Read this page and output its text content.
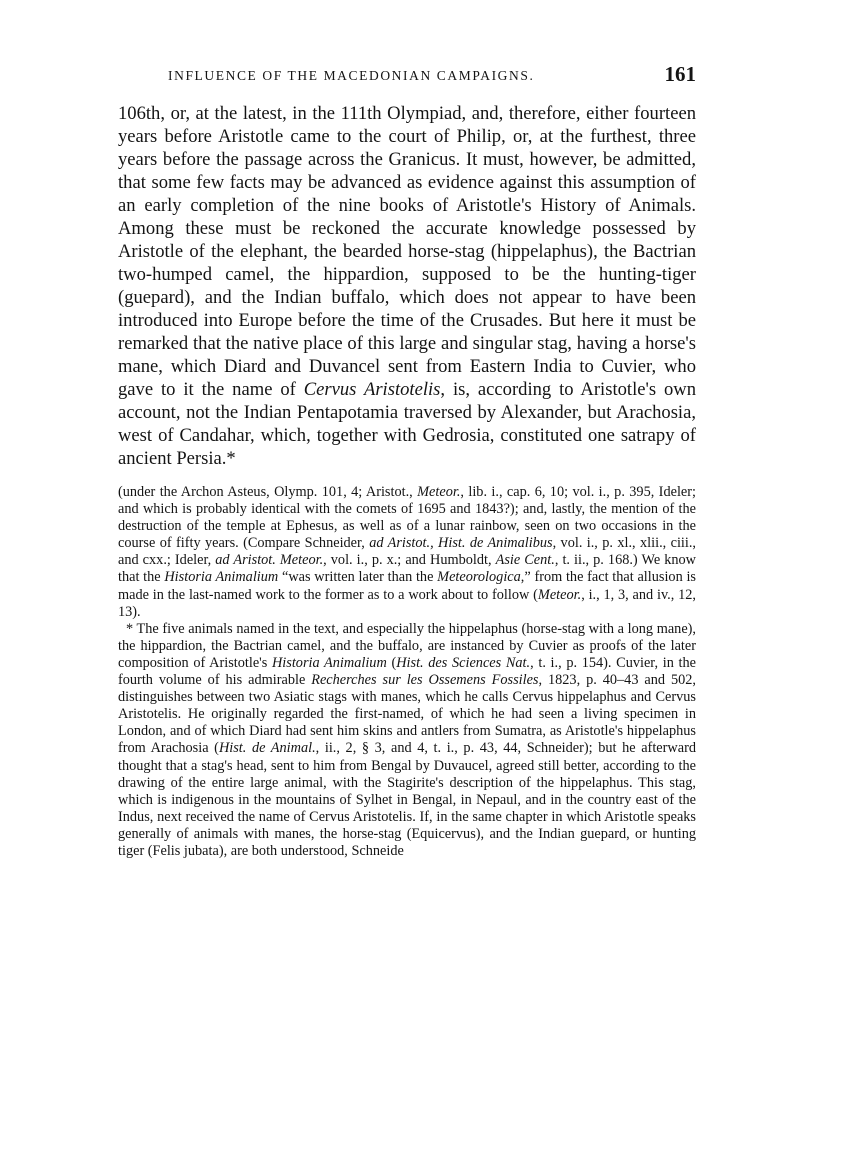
INFLUENCE OF THE MACEDONIAN CAMPAIGNS.	161

106th, or, at the latest, in the 111th Olympiad, and, therefore, either fourteen years before Aristotle came to the court of Philip, or, at the furthest, three years before the passage across the Granicus. It must, however, be admitted, that some few facts may be advanced as evidence against this assumption of an early completion of the nine books of Aristotle's History of Animals. Among these must be reckoned the accurate knowledge possessed by Aristotle of the elephant, the bearded horse-stag (hippelaphus), the Bactrian two-humped camel, the hippardion, supposed to be the hunting-tiger (guepard), and the Indian buffalo, which does not appear to have been introduced into Europe before the time of the Crusades. But here it must be remarked that the native place of this large and singular stag, having a horse's mane, which Diard and Duvancel sent from Eastern India to Cuvier, who gave to it the name of Cervus Aristotelis, is, according to Aristotle's own account, not the Indian Pentapotamia traversed by Alexander, but Arachosia, west of Candahar, which, together with Gedrosia, constituted one satrapy of ancient Persia.*

(under the Archon Asteus, Olymp. 101, 4; Aristot., Meteor., lib. i., cap. 6, 10; vol. i., p. 395, Ideler; and which is probably identical with the comets of 1695 and 1843?); and, lastly, the mention of the destruction of the temple at Ephesus, as well as of a lunar rainbow, seen on two occasions in the course of fifty years. (Compare Schneider, ad Aristot., Hist. de Animalibus, vol. i., p. xl., xlii., ciii., and cxx.; Ideler, ad Aristot. Meteor., vol. i., p. x.; and Humboldt, Asie Cent., t. ii., p. 168.) We know that the Historia Animalium “was written later than the Meteorologica,” from the fact that allusion is made in the last-named work to the former as to a work about to follow (Meteor., i., 1, 3, and iv., 12, 13).

* The five animals named in the text, and especially the hippelaphus (horse-stag with a long mane), the hippardion, the Bactrian camel, and the buffalo, are instanced by Cuvier as proofs of the later composition of Aristotle's Historia Animalium (Hist. des Sciences Nat., t. i., p. 154). Cuvier, in the fourth volume of his admirable Recherches sur les Ossemens Fossiles, 1823, p. 40–43 and 502, distinguishes between two Asiatic stags with manes, which he calls Cervus hippelaphus and Cervus Aristotelis. He originally regarded the first-named, of which he had seen a living specimen in London, and of which Diard had sent him skins and antlers from Sumatra, as Aristotle's hippelaphus from Arachosia (Hist. de Animal., ii., 2, § 3, and 4, t. i., p. 43, 44, Schneider); but he afterward thought that a stag's head, sent to him from Bengal by Duvaucel, agreed still better, according to the drawing of the entire large animal, with the Stagirite's description of the hippelaphus. This stag, which is indigenous in the mountains of Sylhet in Bengal, in Nepaul, and in the country east of the Indus, next received the name of Cervus Aristotelis. If, in the same chapter in which Aristotle speaks generally of animals with manes, the horse-stag (Equicervus), and the Indian guepard, or hunting tiger (Felis jubata), are both understood, Schneide
